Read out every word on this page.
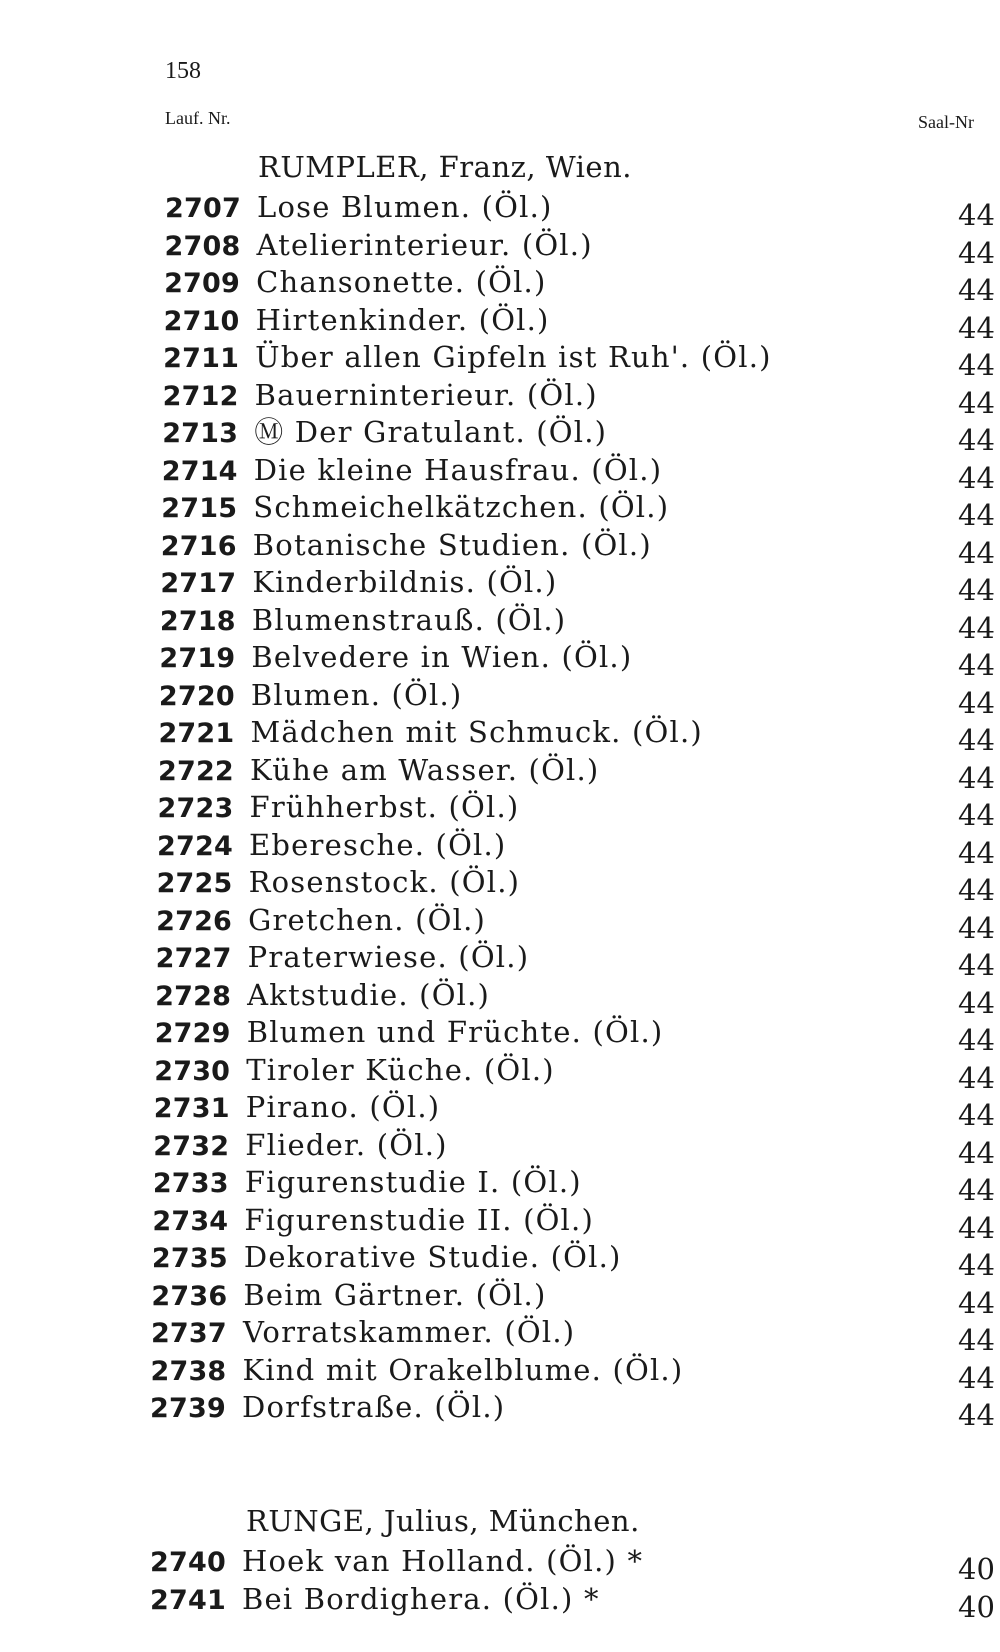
158
Lauf. Nr.	Saal-Nr
RUMPLER, Franz, Wien.
2707 Lose Blumen. (Öl.)	44
2708 Atelierinterieur. (Öl.)	44
2709 Chansonette. (Öl.)	44
2710 Hirtenkinder. (Öl.)	44
2711 Über allen Gipfeln ist Ruh'. (Öl.)	44
2712 Bauerninterieur. (Öl.)	44
2713 Ⓜ Der Gratulant. (Öl.)	44
2714 Die kleine Hausfrau. (Öl.)	44
2715 Schmeichelkätzchen. (Öl.)	44
2716 Botanische Studien. (Öl.)	44
2717 Kinderbildnis. (Öl.)	44
2718 Blumenstrauß. (Öl.)	44
2719 Belvedere in Wien. (Öl.)	44
2720 Blumen. (Öl.)	44
2721 Mädchen mit Schmuck. (Öl.)	44
2722 Kühe am Wasser. (Öl.)	44
2723 Frühherbst. (Öl.)	44
2724 Eberesche. (Öl.)	44
2725 Rosenstock. (Öl.)	44
2726 Gretchen. (Öl.)	44
2727 Praterwiese. (Öl.)	44
2728 Aktstudie. (Öl.)	44
2729 Blumen und Früchte. (Öl.)	44
2730 Tiroler Küche. (Öl.)	44
2731 Pirano. (Öl.)	44
2732 Flieder. (Öl.)	44
2733 Figurenstudie I. (Öl.)	44
2734 Figurenstudie II. (Öl.)	44
2735 Dekorative Studie. (Öl.)	44
2736 Beim Gärtner. (Öl.)	44
2737 Vorratskammer. (Öl.)	44
2738 Kind mit Orakelblume. (Öl.)	44
2739 Dorfstraße. (Öl.)	44
RUNGE, Julius, München.
2740 Hoek van Holland. (Öl.) *	40
2741 Bei Bordighera. (Öl.) *	40
